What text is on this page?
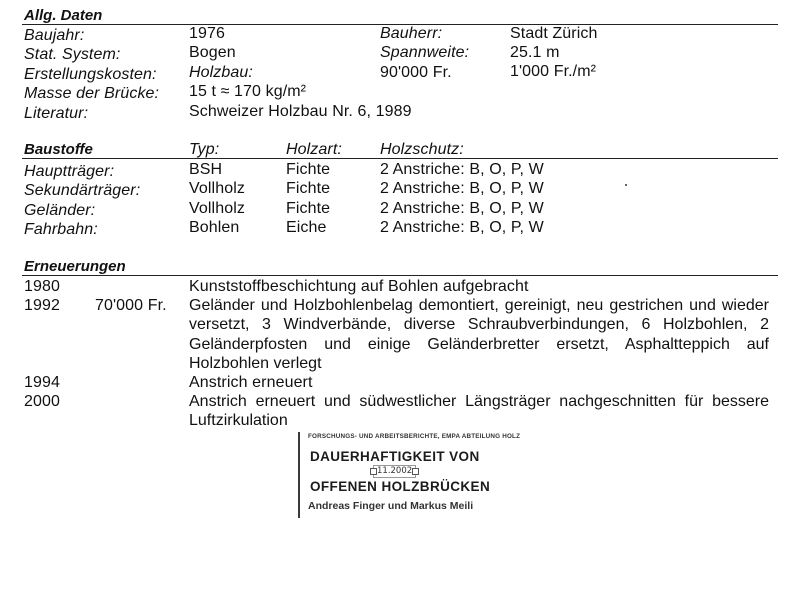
Allg. Daten
Baujahr:	1976	Bauherr:	Stadt Zürich
Stat. System:	Bogen	Spannweite:	25.1 m
Erstellungskosten: Holzbau:	90'000 Fr.	1'000 Fr./m²
Masse der Brücke: 15 t ≈ 170 kg/m²
Literatur:	Schweizer Holzbau Nr. 6, 1989
Baustoffe	Typ:	Holzart: Holzschutz:
Hauptträger:	BSH	Fichte	2 Anstriche: B, O, P, W
Sekundärträger:	Vollholz	Fichte	2 Anstriche: B, O, P, W
Geländer:	Vollholz	Fichte	2 Anstriche: B, O, P, W
Fahrbahn:	Bohlen	Eiche	2 Anstriche: B, O, P, W
Erneuerungen
1980	Kunststoffbeschichtung auf Bohlen aufgebracht
1992 70'000 Fr. Geländer und Holzbohlenbelag demontiert, gereinigt, neu gestrichen und wieder versetzt, 3 Windverbände, diverse Schraubverbindungen, 6 Holzbohlen, 2 Geländerpfosten und einige Geländerbretter ersetzt, Asphaltteppich auf Holzbohlen verlegt
1994	Anstrich erneuert
2000	Anstrich erneuert und südwestlicher Längsträger nachgeschnitten für bessere Luftzirkulation
FORSCHUNGS- UND ARBEITSBERICHTE, EMPA ABTEILUNG HOLZ
DAUERHAFTIGKEIT VON
OFFENEN HOLZBRÜCKEN
11.2002
Andreas Finger und Markus Meili
